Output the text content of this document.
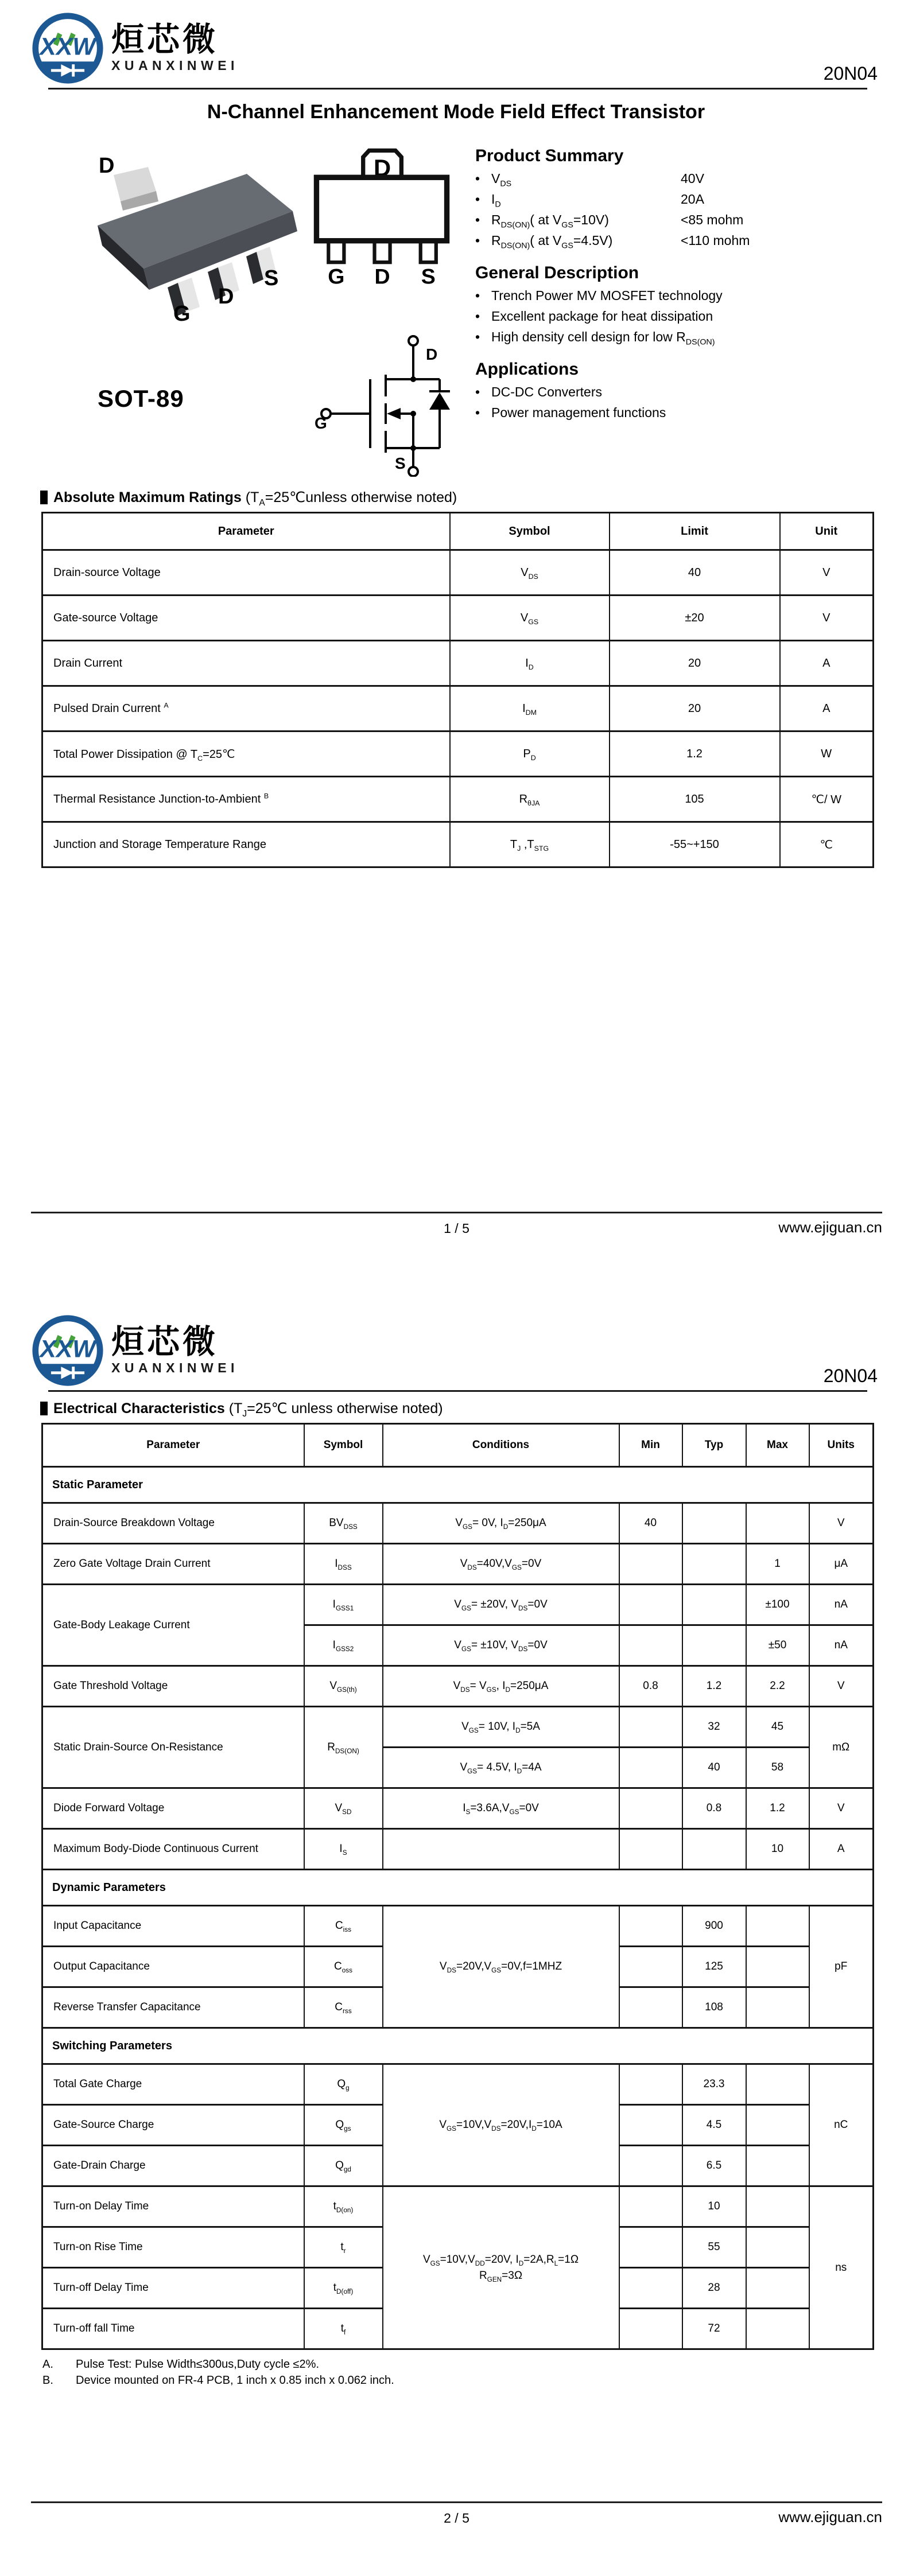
XXW 烜芯微
XUANXINWEI	20N04
N-Channel Enhancement Mode Field Effect Transistor
D
G
D
S
D
G D S
SOT-89
G
D
S
Product Summary
• $V_{DS}$	40V
• $I_D$	20A
• $R_{DS(ON)}$( at $V_{GS}=10V$)	<85 mohm
• $R_{DS(ON)}$( at $V_{GS}=4.5V$)	<110 mohm
General Description
• Trench Power MV MOSFET technology
• Excellent package for heat dissipation
• High density cell design for low $R_{DS(ON)}$
Applications
• DC-DC Converters
• Power management functions
Absolute Maximum Ratings ($T_A=25℃unless$ otherwise noted)
Parameter	Symbol	Limit	Unit
Drain-source Voltage	$V_{DS}$	40	V
Gate-source Voltage	$V_{GS}$	±20	V
Drain Current	$I_D$	20	A
Pulsed Drain Current $^A$	$I_{DM}$	20	A
Total Power Dissipation @ $T_C=25℃$	$P_D$	1.2	W
Thermal Resistance Junction-to-Ambient $^B$	$R_{\theta JA}$	105	℃/ W
Junction and Storage Temperature Range	$T_J$ $,T_{STG}$	-55~+150	℃
1 / 5	www.ejiguan.cn
XXW 烜芯微
XUANXINWEI	20N04
Electrical Characteristics ($T_J=25℃$ unless otherwise noted)
Parameter	Symbol	Conditions	Min	Typ	Max	Units
Static Parameter						
Drain-Source Breakdown Voltage	$BV_{DSS}$	$V_{GS}= 0V$, $I_D=250\mu A$	40			V
Zero Gate Voltage Drain Current	$I_{DSS}$	$V_{DS}=40V,V_{GS}=0V$			1	μA
Gate-Body Leakage Current	$I_{GSS1}$	$V_{GS}= \pm 20V$, $V_{DS}=0V$			±100	nA
	$I_{GSS2}$	$V_{GS}= \pm 10V$, $V_{DS}=0V$			±50	nA
Gate Threshold Voltage	$V_{GS(th)}$	$V_{DS}= V_{GS}$, $I_D=250\mu A$	0.8	1.2	2.2	V
Static Drain-Source On-Resistance	$R_{DS(ON)}$	$V_{GS}= 10V$, $I_D=5A$		32	45	mΩ
		$V_{GS}= 4.5V$, $I_D=4A$		40	58	
Diode Forward Voltage	$V_{SD}$	$I_S=3.6A,V_{GS}=0V$		0.8	1.2	V
Maximum Body-Diode Continuous Current	$I_S$				10	A
Dynamic Parameters						
Input Capacitance	$C_{iss}$	$V_{DS}=20V,V_{GS}=0V,f=1MHZ$		900		pF
Output Capacitance	$C_{oss}$			125		
Reverse Transfer Capacitance	$C_{rss}$			108		
Switching Parameters						
Total Gate Charge	$Q_g$	$V_{GS}=10V,V_{DS}=20V,I_D=10A$		23.3		nC
Gate-Source Charge	$Q_{gs}$			4.5		
Gate-Drain Charge	$Q_{gd}$			6.5		
Turn-on Delay Time	$t_{D(on)}$	$V_{GS}=10V,V_{DD}=20V$, $I_D=2A,R_L=1\Omega$
$R_{GEN}=3\Omega$		10		ns
Turn-on Rise Time	$t_r$			55		
Turn-off Delay Time	$t_{D(off)}$			28		
Turn-off fall Time	$t_f$			72		
A.	Pulse Test: Pulse Width≤300us,Duty cycle ≤2%.
B.	Device mounted on FR-4 PCB, 1 inch x 0.85 inch x 0.062 inch.
2 / 5	www.ejiguan.cn
